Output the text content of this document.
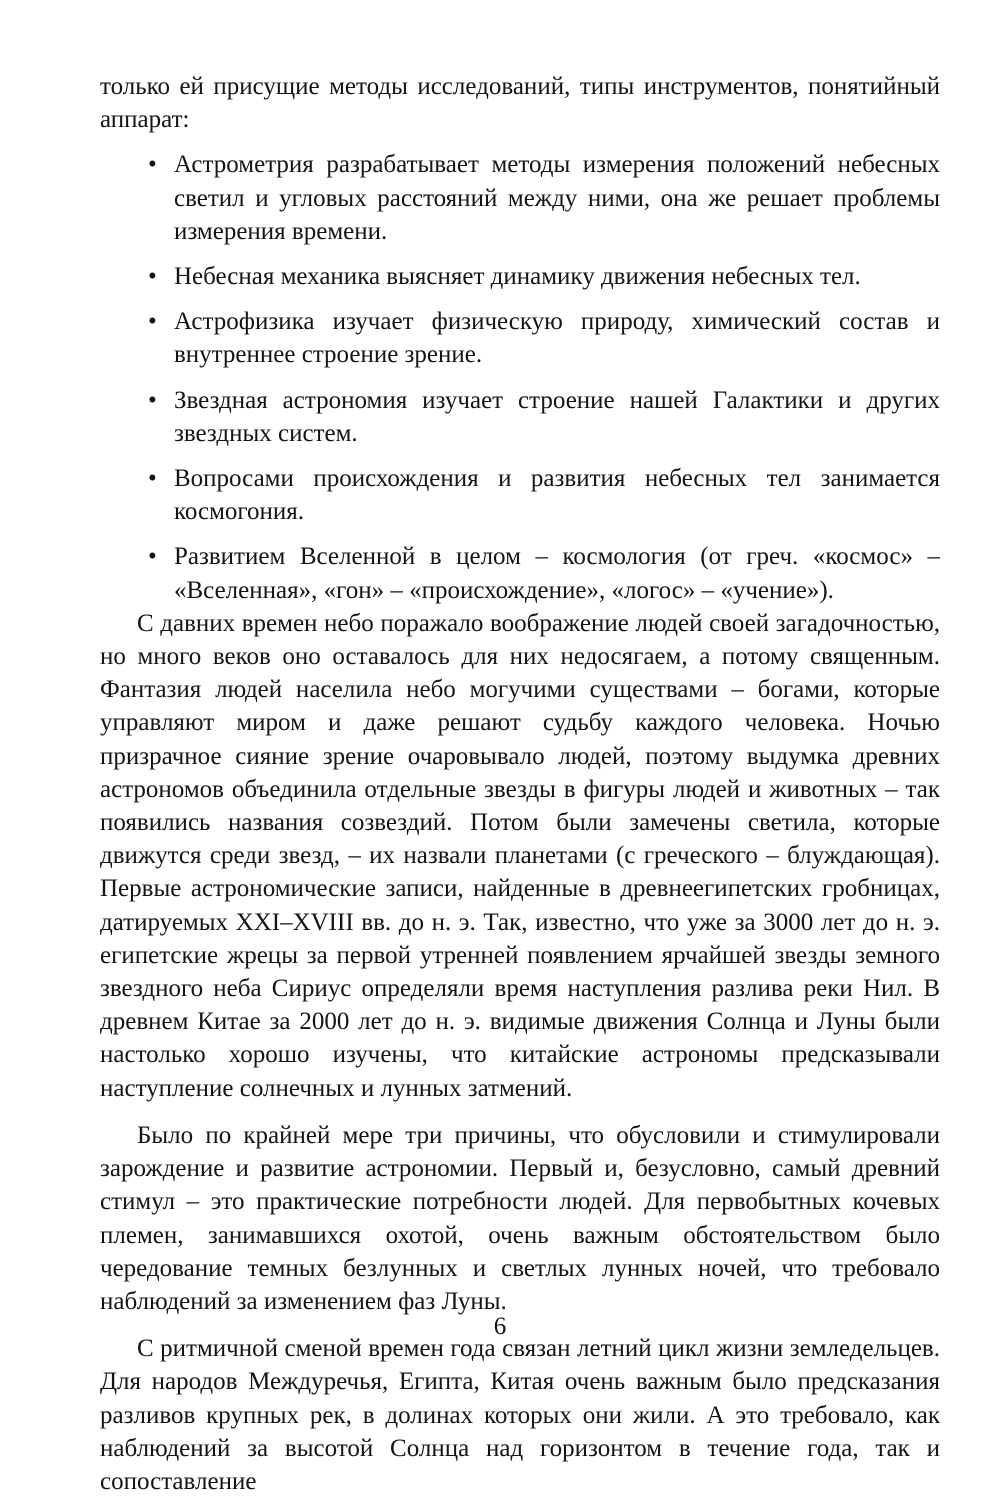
только ей присущие методы исследований, типы инструментов, понятийный аппарат:

• Астрометрия разрабатывает методы измерения положений небесных светил и угловых расстояний между ними, она же решает проблемы измерения времени.
• Небесная механика выясняет динамику движения небесных тел.
• Астрофизика изучает физическую природу, химический состав и внутреннее строение зрение.
• Звездная астрономия изучает строение нашей Галактики и других звездных систем.
• Вопросами происхождения и развития небесных тел занимается космогония.
• Развитием Вселенной в целом – космология (от греч. «космос» – «Вселенная», «гон» – «происхождение», «логос» – «учение»).

С давних времен небо поражало воображение людей своей загадочностью, но много веков оно оставалось для них недосягаем, а потому священным. Фантазия людей населила небо могучими существами – богами, которые управляют миром и даже решают судьбу каждого человека. Ночью призрачное сияние зрение очаровывало людей, поэтому выдумка древних астрономов объединила отдельные звезды в фигуры людей и животных – так появились названия созвездий. Потом были замечены светила, которые движутся среди звезд, – их назвали планетами (с греческого – блуждающая). Первые астрономические записи, найденные в древнеегипетских гробницах, датируемых XXI–XVIII вв. до н. э. Так, известно, что уже за 3000 лет до н. э. египетские жрецы за первой утренней появлением ярчайшей звезды земного звездного неба Сириус определяли время наступления разлива реки Нил. В древнем Китае за 2000 лет до н. э. видимые движения Солнца и Луны были настолько хорошо изучены, что китайские астрономы предсказывали наступление солнечных и лунных затмений.

Было по крайней мере три причины, что обусловили и стимулировали зарождение и развитие астрономии. Первый и, безусловно, самый древний стимул – это практические потребности людей. Для первобытных кочевых племен, занимавшихся охотой, очень важным обстоятельством было чередование темных безлунных и светлых лунных ночей, что требовало наблюдений за изменением фаз Луны.

С ритмичной сменой времен года связан летний цикл жизни земледельцев. Для народов Междуречья, Египта, Китая очень важным было предсказания разливов крупных рек, в долинах которых они жили. А это требовало, как наблюдений за высотой Солнца над горизонтом в течение года, так и сопоставление

6
